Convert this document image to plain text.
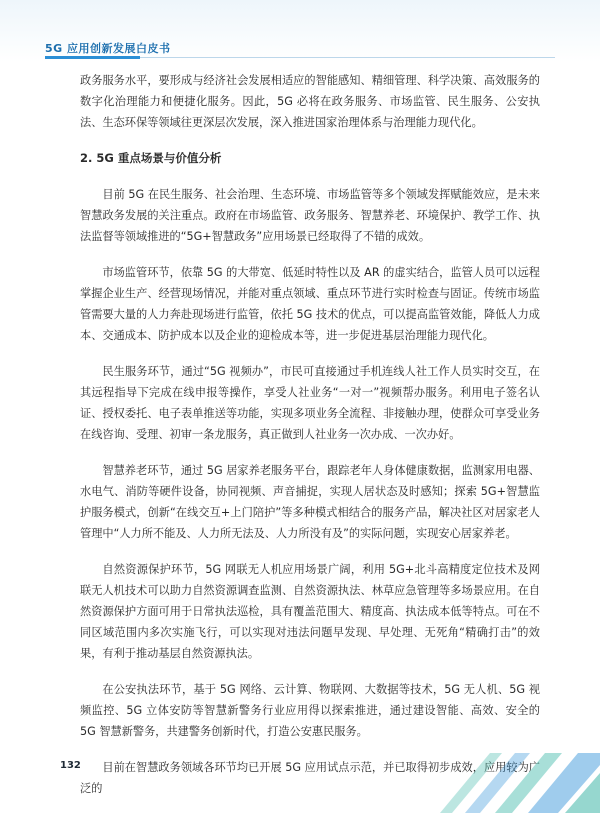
5G 应用创新发展白皮书

政务服务水平，要形成与经济社会发展相适应的智能感知、精细管理、科学决策、高效服务的数字化治理能力和便捷化服务。因此，5G 必将在政务服务、市场监管、民生服务、公安执法、生态环保等领域往更深层次发展，深入推进国家治理体系与治理能力现代化。

2. 5G 重点场景与价值分析

目前 5G 在民生服务、社会治理、生态环境、市场监管等多个领域发挥赋能效应，是未来智慧政务发展的关注重点。政府在市场监管、政务服务、智慧养老、环境保护、教学工作、执法监督等领域推进的“5G+智慧政务”应用场景已经取得了不错的成效。

市场监管环节，依靠 5G 的大带宽、低延时特性以及 AR 的虚实结合，监管人员可以远程掌握企业生产、经营现场情况，并能对重点领域、重点环节进行实时检查与固证。传统市场监管需要大量的人力奔赴现场进行监管，依托 5G 技术的优点，可以提高监管效能，降低人力成本、交通成本、防护成本以及企业的迎检成本等，进一步促进基层治理能力现代化。

民生服务环节，通过“5G 视频办”，市民可直接通过手机连线人社工作人员实时交互，在其远程指导下完成在线申报等操作，享受人社业务“一对一”视频帮办服务。利用电子签名认证、授权委托、电子表单推送等功能，实现多项业务全流程、非接触办理，使群众可享受业务在线咨询、受理、初审一条龙服务，真正做到人社业务一次办成、一次办好。

智慧养老环节，通过 5G 居家养老服务平台，跟踪老年人身体健康数据，监测家用电器、水电气、消防等硬件设备，协同视频、声音捕捉，实现人居状态及时感知；探索 5G+智慧监护服务模式，创新“在线交互+上门陪护”等多种模式相结合的服务产品，解决社区对居家老人管理中“人力所不能及、人力所无法及、人力所没有及”的实际问题，实现安心居家养老。

自然资源保护环节，5G 网联无人机应用场景广阔，利用 5G+北斗高精度定位技术及网联无人机技术可以助力自然资源调查监测、自然资源执法、林草应急管理等多场景应用。在自然资源保护方面可用于日常执法巡检，具有覆盖范围大、精度高、执法成本低等特点。可在不同区域范围内多次实施飞行，可以实现对违法问题早发现、早处理、无死角“精确打击”的效果，有利于推动基层自然资源执法。

在公安执法环节，基于 5G 网络、云计算、物联网、大数据等技术，5G 无人机、5G 视频监控、5G 立体安防等智慧新警务行业应用得以探索推进，通过建设智能、高效、安全的 5G 智慧新警务，共建警务创新时代，打造公安惠民服务。

目前在智慧政务领域各环节均已开展 5G 应用试点示范，并已取得初步成效，应用较为广泛的

132
